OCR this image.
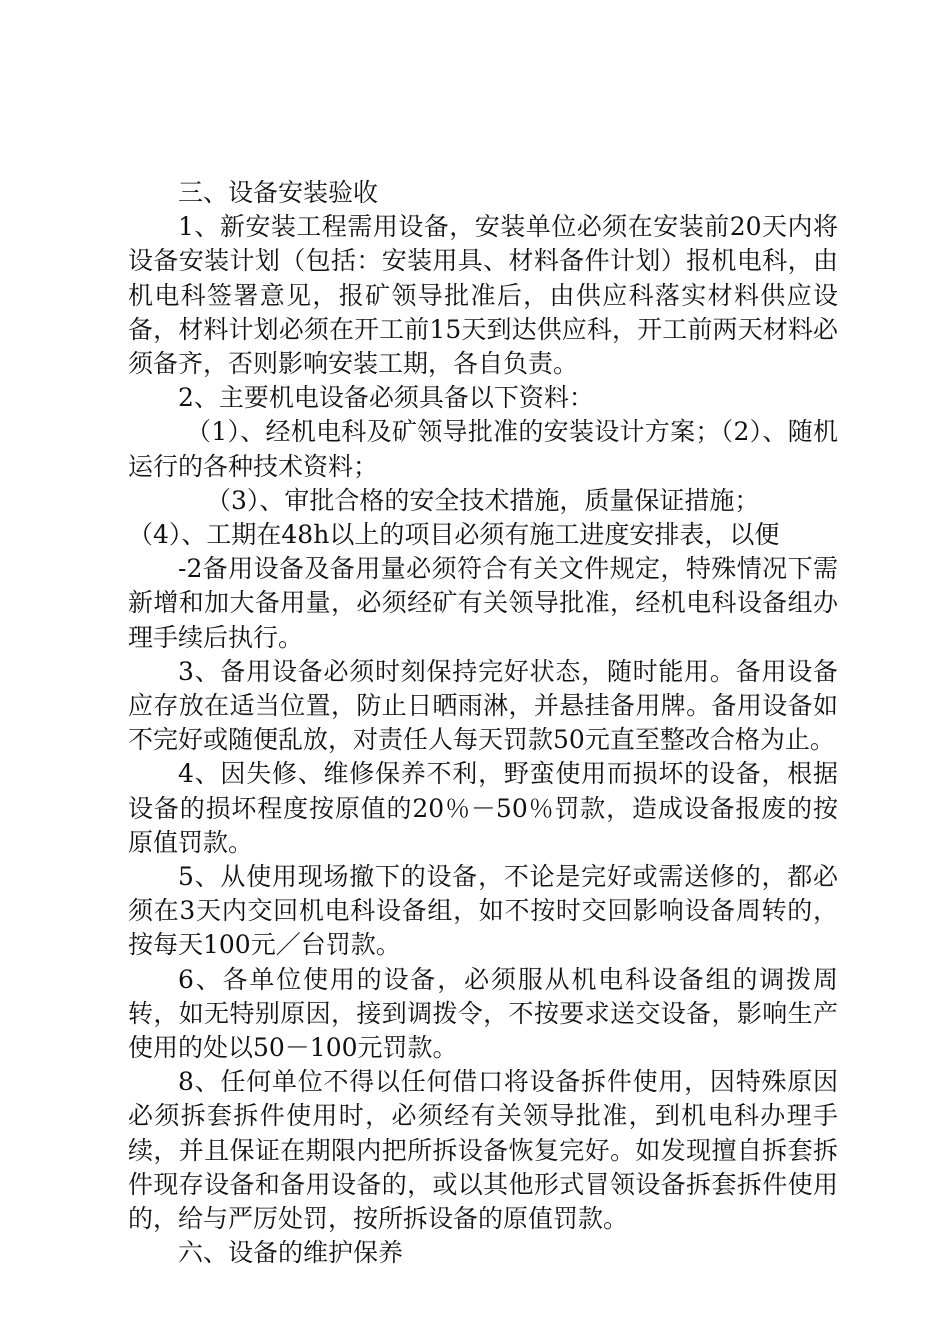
三、设备安装验收

1、新安装工程需用设备，安装单位必须在安装前20天内将设备安装计划（包括：安装用具、材料备件计划）报机电科，由机电科签署意见，报矿领导批准后，由供应科落实材料供应设备，材料计划必须在开工前15天到达供应科，开工前两天材料必须备齐，否则影响安装工期，各自负责。

2、主要机电设备必须具备以下资料：

（1）、经机电科及矿领导批准的安装设计方案；（2）、随机运行的各种技术资料；

（3）、审批合格的安全技术措施，质量保证措施；

（4）、工期在48h以上的项目必须有施工进度安排表，以便

-2备用设备及备用量必须符合有关文件规定，特殊情况下需新增和加大备用量，必须经矿有关领导批准，经机电科设备组办理手续后执行。

3、备用设备必须时刻保持完好状态，随时能用。备用设备应存放在适当位置，防止日晒雨淋，并悬挂备用牌。备用设备如不完好或随便乱放，对责任人每天罚款50元直至整改合格为止。

4、因失修、维修保养不利，野蛮使用而损坏的设备，根据设备的损坏程度按原值的20％－50％罚款，造成设备报废的按原值罚款。

5、从使用现场撤下的设备，不论是完好或需送修的，都必须在3天内交回机电科设备组，如不按时交回影响设备周转的，按每天100元／台罚款。

6、各单位使用的设备，必须服从机电科设备组的调拨周转，如无特别原因，接到调拨令，不按要求送交设备，影响生产使用的处以50－100元罚款。

8、任何单位不得以任何借口将设备拆件使用，因特殊原因必须拆套拆件使用时，必须经有关领导批准，到机电科办理手续，并且保证在期限内把所拆设备恢复完好。如发现擅自拆套拆件现存设备和备用设备的，或以其他形式冒领设备拆套拆件使用的，给与严厉处罚，按所拆设备的原值罚款。

六、设备的维护保养
